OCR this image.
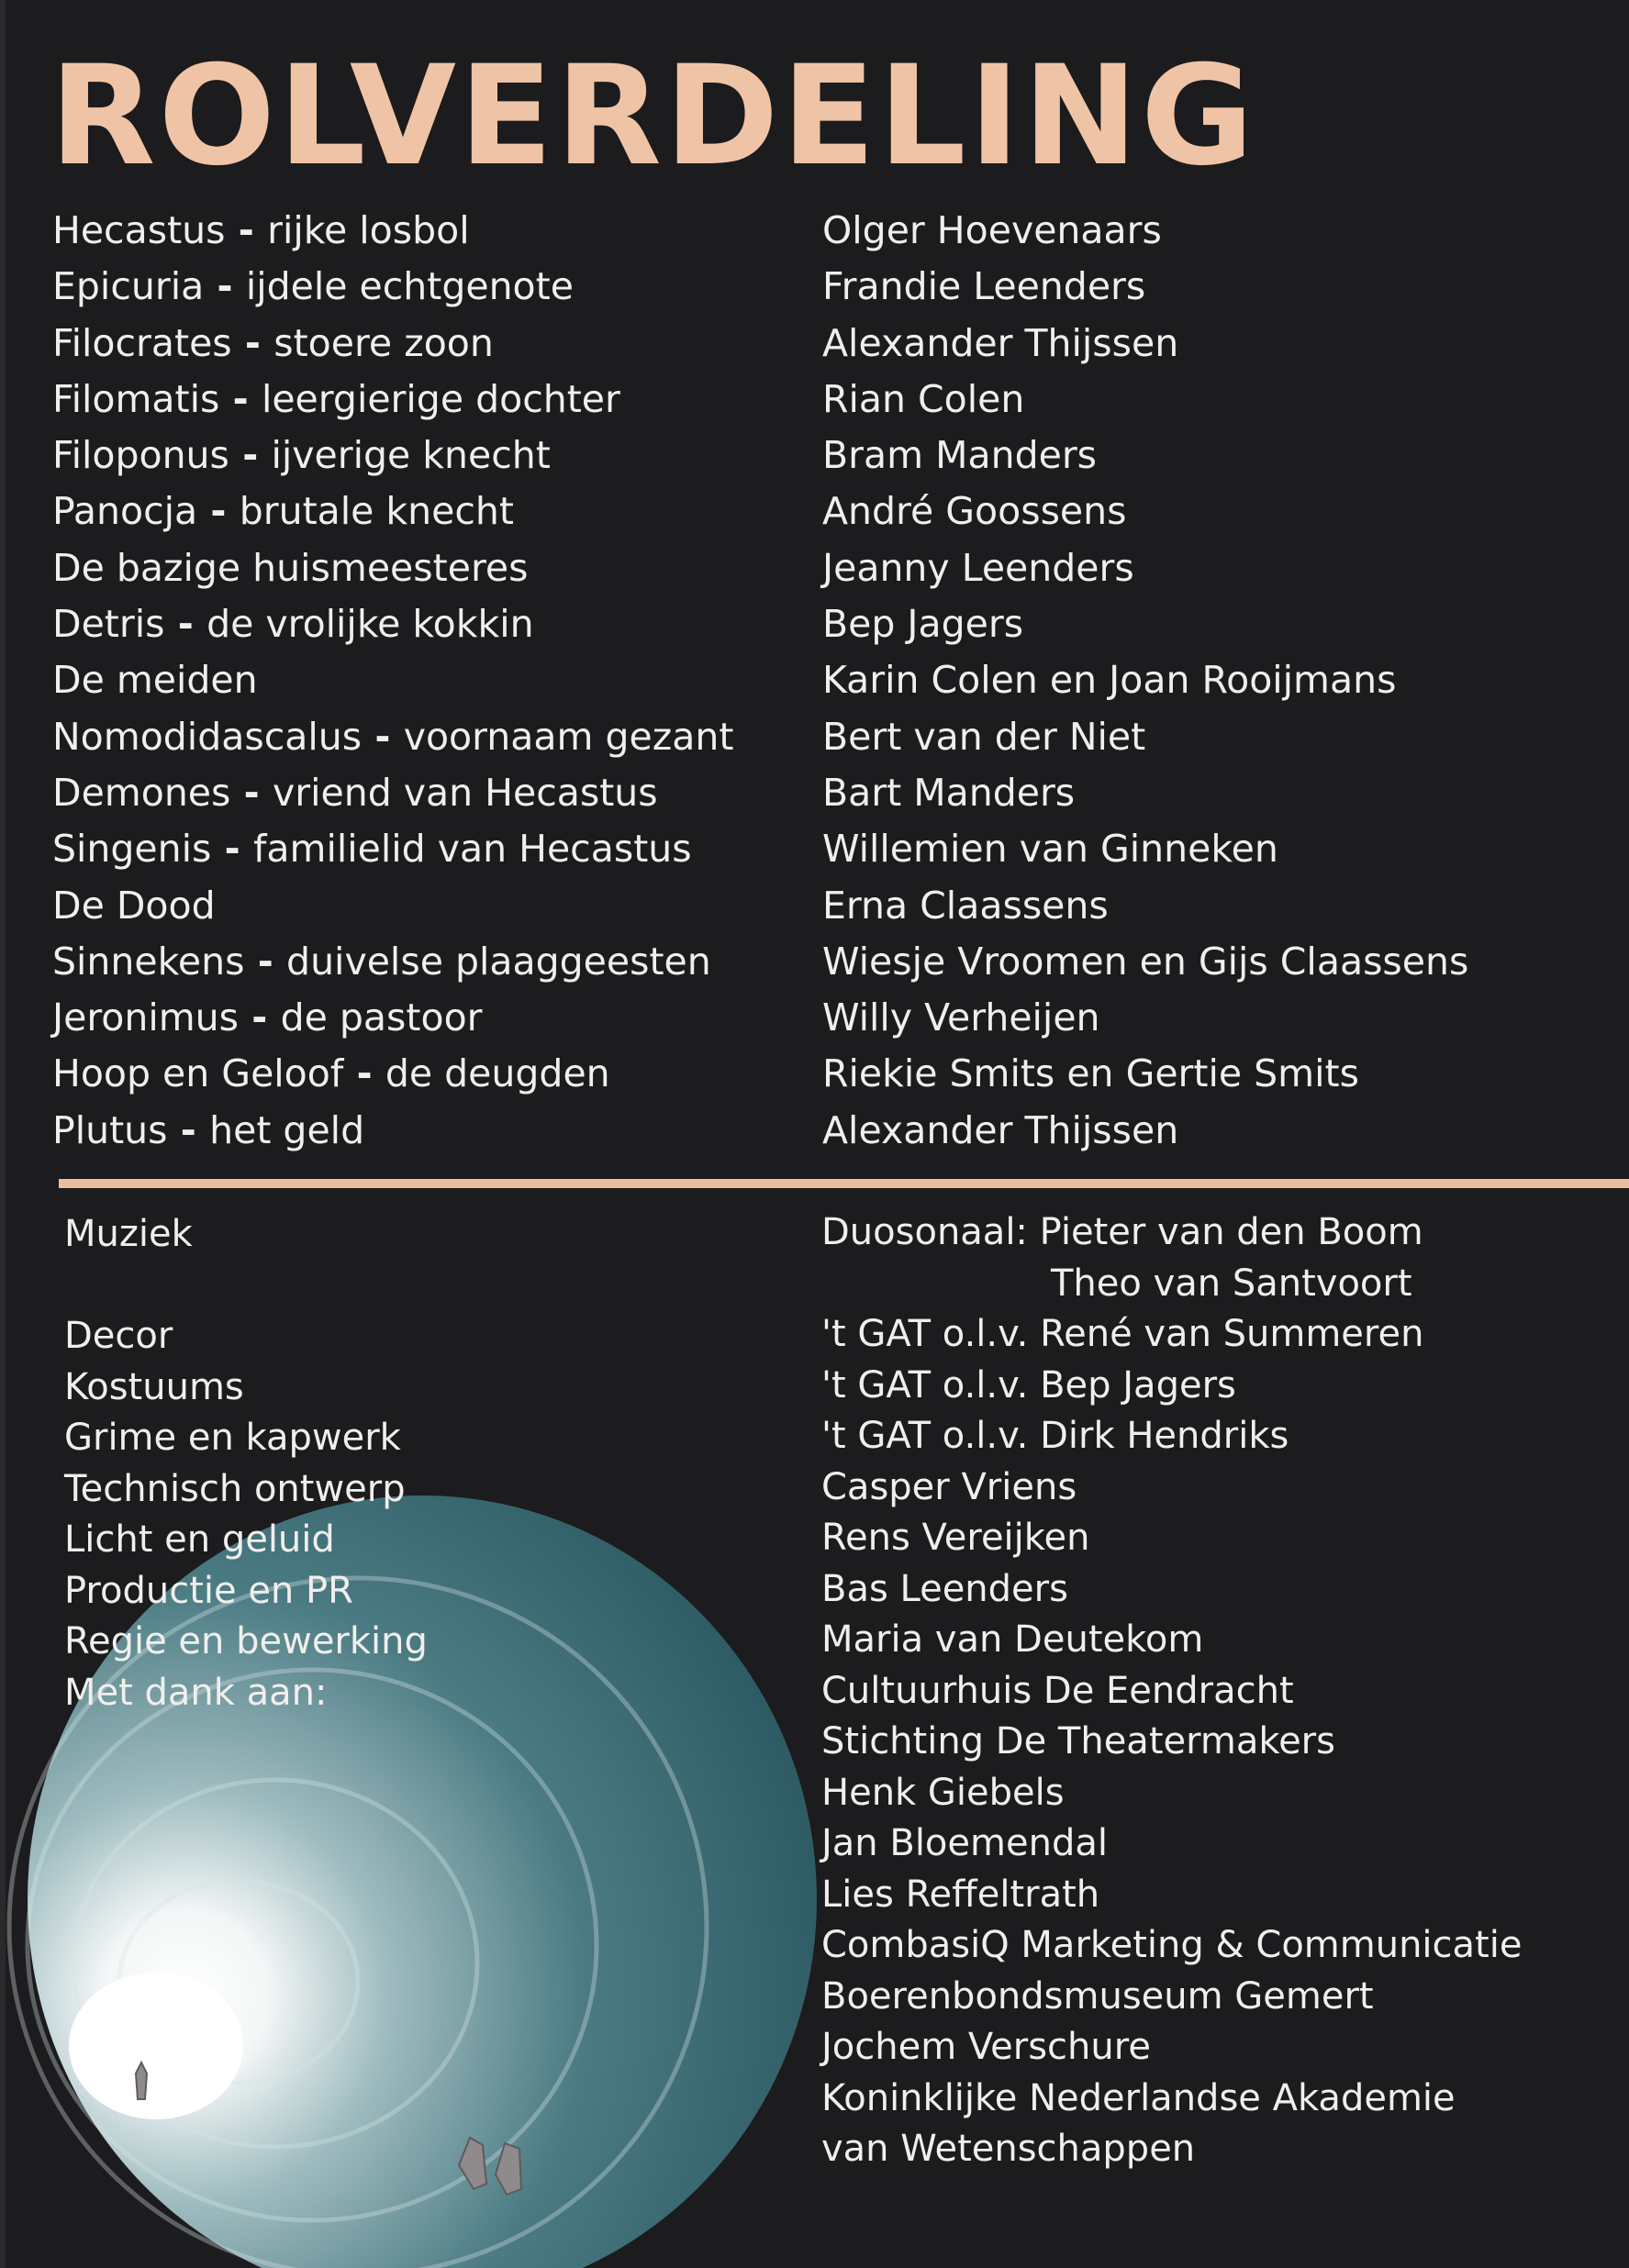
ROLVERDELING
Hecastus - rijke losbol
Epicuria - ijdele echtgenote
Filocrates - stoere zoon
Filomatis - leergierige dochter
Filoponus - ijverige knecht
Panocja - brutale knecht
De bazige huismeesteres
Detris - de vrolijke kokkin
De meiden
Nomodidascalus - voornaam gezant
Demones - vriend van Hecastus
Singenis - familielid van Hecastus
De Dood
Sinnekens - duivelse plaaggeesten
Jeronimus - de pastoor
Hoop en Geloof - de deugden
Plutus - het geld
Olger Hoevenaars
Frandie Leenders
Alexander Thijssen
Rian Colen
Bram Manders
André Goossens
Jeanny Leenders
Bep Jagers
Karin Colen en Joan Rooijmans
Bert van der Niet
Bart Manders
Willemien van Ginneken
Erna Claassens
Wiesje Vroomen en Gijs Claassens
Willy Verheijen
Riekie Smits en Gertie Smits
Alexander Thijssen
Muziek
Decor
Kostuums
Grime en kapwerk
Technisch ontwerp
Licht en geluid
Productie en PR
Regie en bewerking
Met dank aan:
Duosonaal: Pieter van den Boom
Theo van Santvoort
't GAT o.l.v. René van Summeren
't GAT o.l.v. Bep Jagers
't GAT o.l.v. Dirk Hendriks
Casper Vriens
Rens Vereijken
Bas Leenders
Maria van Deutekom
Cultuurhuis De Eendracht
Stichting De Theatermakers
Henk Giebels
Jan Bloemendal
Lies Reffeltrath
CombasiQ Marketing & Communicatie
Boerenbondsmuseum Gemert
Jochem Verschure
Koninklijke Nederlandse Akademie
van Wetenschappen
